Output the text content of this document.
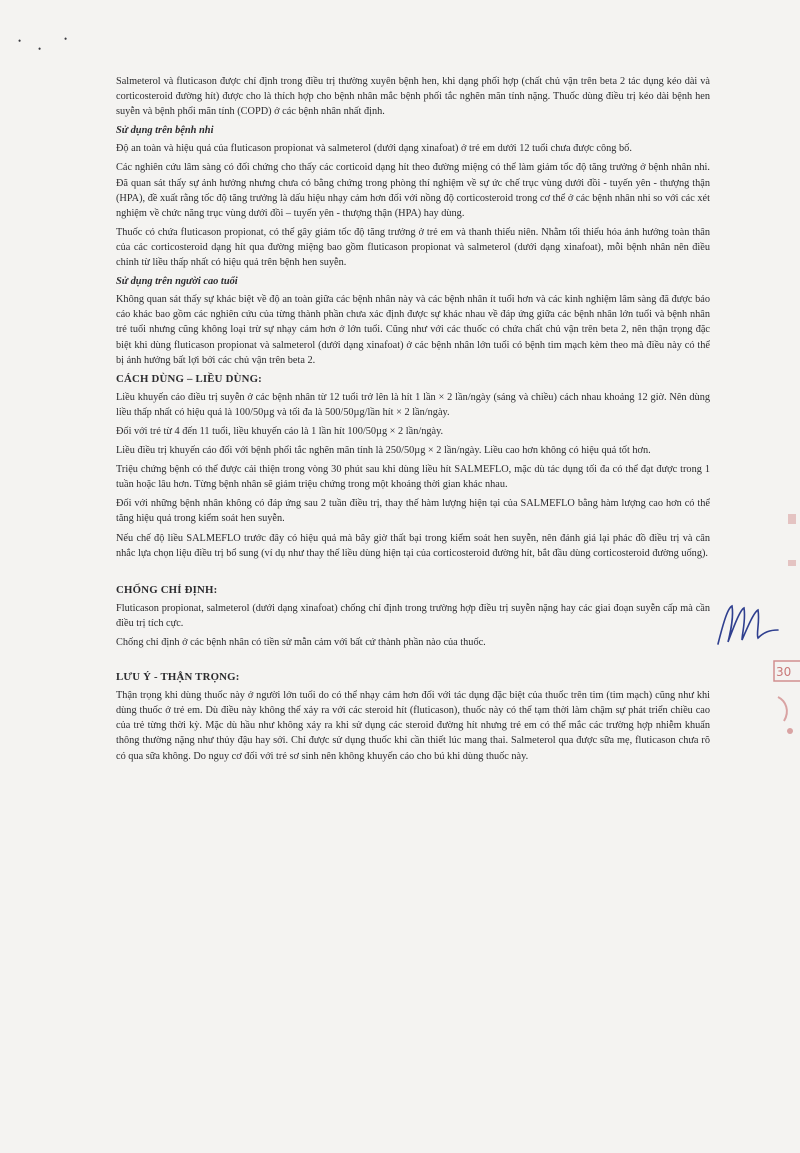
•
•
•

Salmeterol và fluticason được chỉ định trong điều trị thường xuyên bệnh hen, khi dạng phối hợp (chất chủ vận trên beta 2 tác dụng kéo dài và corticosteroid đường hít) được cho là thích hợp cho bệnh nhân mắc bệnh phối tắc nghẽn mãn tính nặng. Thuốc dùng điều trị kéo dài bệnh hen suyễn và bệnh phổi mãn tính (COPD) ở các bệnh nhân nhất định.

Sử dụng trên bệnh nhi

Độ an toàn và hiệu quả của fluticason propionat và salmeterol (dưới dạng xinafoat) ở trẻ em dưới 12 tuổi chưa được công bố.

Các nghiên cứu lâm sàng có đối chứng cho thấy các corticoid dạng hít theo đường miệng có thể làm giảm tốc độ tăng trưởng ở bệnh nhân nhi. Đã quan sát thấy sự ảnh hưởng nhưng chưa có bằng chứng trong phòng thí nghiệm về sự ức chế trục vùng dưới đồi - tuyến yên - thượng thận (HPA), đề xuất rằng tốc độ tăng trưởng là dấu hiệu nhạy cảm hơn đối với nồng độ corticosteroid trong cơ thể ở các bệnh nhân nhi so với các xét nghiệm về chức năng trục vùng dưới đồi – tuyến yên - thượng thận (HPA) hay dùng.

Thuốc có chứa fluticason propionat, có thể gây giảm tốc độ tăng trưởng ở trẻ em và thanh thiếu niên. Nhằm tối thiểu hóa ảnh hưởng toàn thân của các corticosteroid dạng hít qua đường miệng bao gồm fluticason propionat và salmeterol (dưới dạng xinafoat), mỗi bệnh nhân nên điều chỉnh từ liều thấp nhất có hiệu quả trên bệnh hen suyễn.

Sử dụng trên người cao tuổi

Không quan sát thấy sự khác biệt về độ an toàn giữa các bệnh nhân này và các bệnh nhân ít tuổi hơn và các kinh nghiệm lâm sàng đã được báo cáo khác bao gồm các nghiên cứu của từng thành phần chưa xác định được sự khác nhau về đáp ứng giữa các bệnh nhân lớn tuổi và bệnh nhân trẻ tuổi nhưng cũng không loại trừ sự nhạy cảm hơn ở lớn tuổi. Cũng như với các thuốc có chứa chất chủ vận trên beta 2, nên thận trọng đặc biệt khi dùng fluticason propionat và salmeterol (dưới dạng xinafoat) ở các bệnh nhân lớn tuổi có bệnh tim mạch kèm theo mà điều này có thể bị ảnh hưởng bất lợi bởi các chủ vận trên beta 2.

CÁCH DÙNG – LIỀU DÙNG:

Liều khuyến cáo điều trị suyễn ở các bệnh nhân từ 12 tuổi trở lên là hít 1 lần × 2 lần/ngày (sáng và chiều) cách nhau khoảng 12 giờ. Nên dùng liều thấp nhất có hiệu quả là 100/50µg và tối đa là 500/50µg/lần hít × 2 lần/ngày.

Đối với trẻ từ 4 đến 11 tuổi, liều khuyến cáo là 1 lần hít 100/50µg × 2 lần/ngày.

Liều điều trị khuyến cáo đối với bệnh phổi tắc nghẽn mãn tính là 250/50µg × 2 lần/ngày. Liều cao hơn không có hiệu quả tốt hơn.

Triệu chứng bệnh có thể được cải thiện trong vòng 30 phút sau khi dùng liều hít SALMEFLO, mặc dù tác dụng tối đa có thể đạt được trong 1 tuần hoặc lâu hơn. Từng bệnh nhân sẽ giảm triệu chứng trong một khoảng thời gian khác nhau.

Đối với những bệnh nhân không có đáp ứng sau 2 tuần điều trị, thay thế hàm lượng hiện tại của SALMEFLO bằng hàm lượng cao hơn có thể tăng hiệu quả trong kiểm soát hen suyễn.

Nếu chế độ liều SALMEFLO trước đây có hiệu quả mà bây giờ thất bại trong kiểm soát hen suyễn, nên đánh giá lại phác đồ điều trị và cân nhắc lựa chọn liệu điều trị bổ sung (ví dụ như thay thế liều dùng hiện tại của corticosteroid đường hít, bắt đầu dùng corticosteroid đường uống).

CHỐNG CHỈ ĐỊNH:

Fluticason propionat, salmeterol (dưới dạng xinafoat) chống chỉ định trong trường hợp điều trị suyễn nặng hay các giai đoạn suyễn cấp mà cần điều trị tích cực.

Chống chỉ định ở các bệnh nhân có tiền sử mẫn cảm với bất cứ thành phần nào của thuốc.

LƯU Ý - THẬN TRỌNG:

Thận trọng khi dùng thuốc này ở người lớn tuổi do có thể nhạy cảm hơn đối với tác dụng đặc biệt của thuốc trên tim (tim mạch) cũng như khi dùng thuốc ở trẻ em. Dù điều này không thể xảy ra với các steroid hít (fluticason), thuốc này có thể tạm thời làm chậm sự phát triển chiều cao của trẻ từng thời kỳ. Mặc dù hầu như không xảy ra khi sử dụng các steroid đường hít nhưng trẻ em có thể mắc các trường hợp nhiễm khuẩn thông thường nặng như thủy đậu hay sởi. Chỉ được sử dụng thuốc khi cần thiết lúc mang thai. Salmeterol qua được sữa mẹ, fluticason chưa rõ có qua sữa không. Do nguy cơ đối với trẻ sơ sinh nên không khuyến cáo cho bú khi dùng thuốc này.

30
